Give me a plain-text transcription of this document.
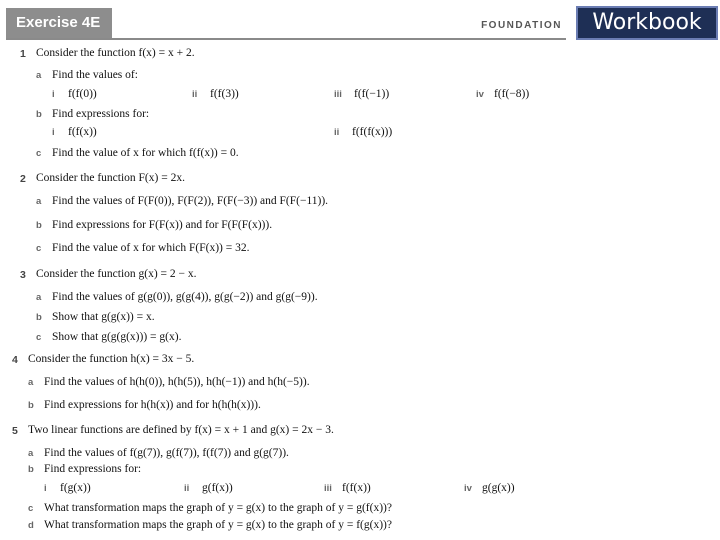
Exercise 4E	FOUNDATION	Workbook
1 Consider the function f(x) = x + 2.
a Find the values of:
i f(f(0))	ii f(f(3))	iii f(f(−1))	iv f(f(−8))
b Find expressions for:
i f(f(x))	ii f(f(f(x)))
c Find the value of x for which f(f(x)) = 0.
2 Consider the function F(x) = 2x.
a Find the values of F(F(0)), F(F(2)), F(F(−3)) and F(F(−11)).
b Find expressions for F(F(x)) and for F(F(F(x))).
c Find the value of x for which F(F(x)) = 32.
3 Consider the function g(x) = 2 − x.
a Find the values of g(g(0)), g(g(4)), g(g(−2)) and g(g(−9)).
b Show that g(g(x)) = x.
c Show that g(g(g(x))) = g(x).
4 Consider the function h(x) = 3x − 5.
a Find the values of h(h(0)), h(h(5)), h(h(−1)) and h(h(−5)).
b Find expressions for h(h(x)) and for h(h(h(x))).
5 Two linear functions are defined by f(x) = x + 1 and g(x) = 2x − 3.
a Find the values of f(g(7)), g(f(7)), f(f(7)) and g(g(7)).
b Find expressions for:
i f(g(x))	ii g(f(x))	iii f(f(x))	iv g(g(x))
c What transformation maps the graph of y = g(x) to the graph of y = g(f(x))?
d What transformation maps the graph of y = g(x) to the graph of y = f(g(x))?
